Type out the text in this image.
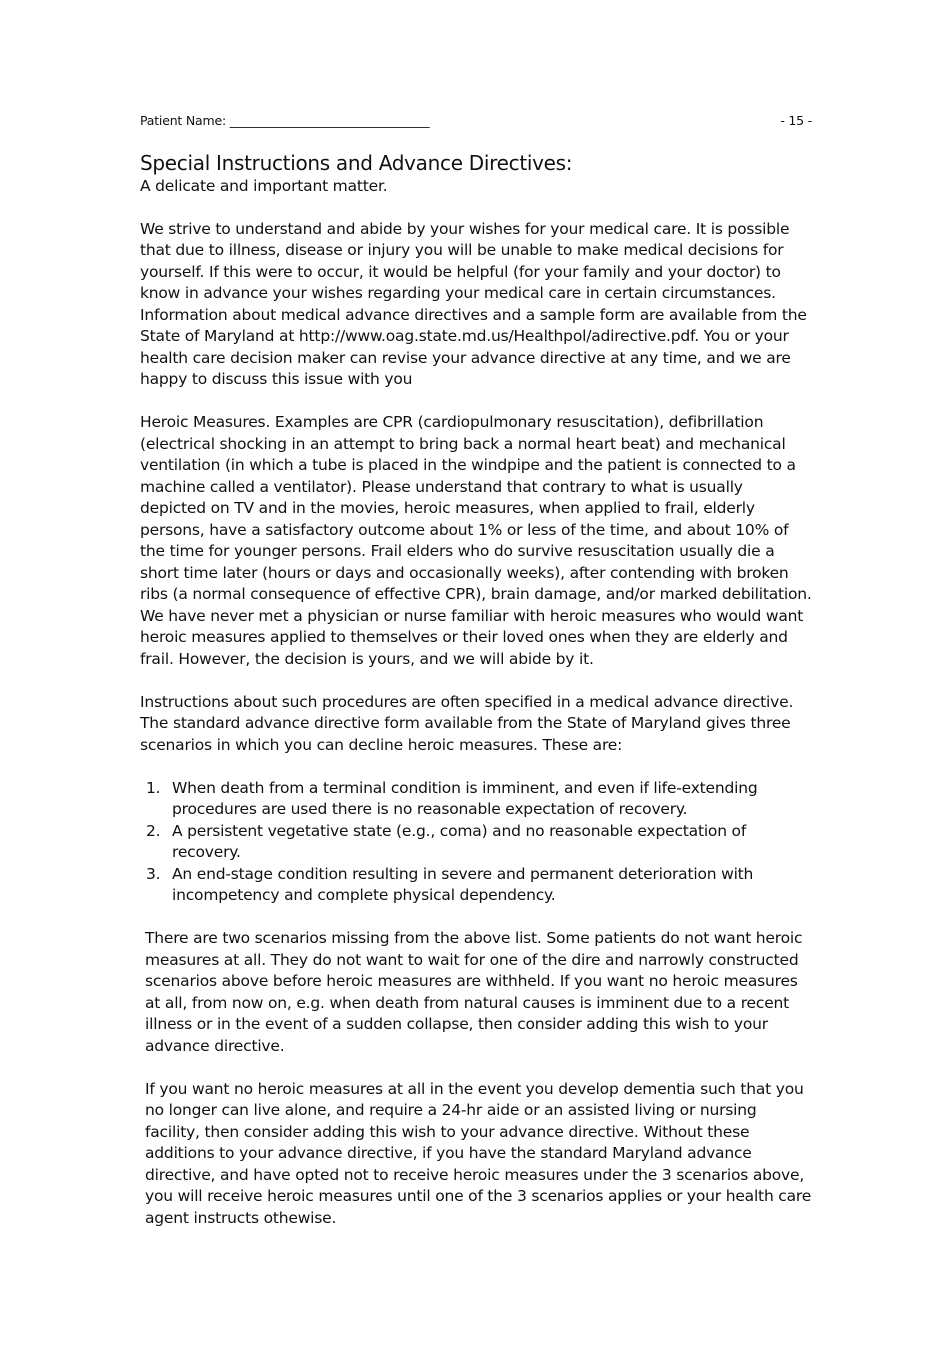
Patient Name: _________________________________	- 15 -
Special Instructions and Advance Directives:
A delicate and important matter.

We strive to understand and abide by your wishes for your medical care. It is possible that due to illness, disease or injury you will be unable to make medical decisions for yourself. If this were to occur, it would be helpful (for your family and your doctor) to know in advance your wishes regarding your medical care in certain circumstances. Information about medical advance directives and a sample form are available from the State of Maryland at http://www.oag.state.md.us/Healthpol/adirective.pdf. You or your health care decision maker can revise your advance directive at any time, and we are happy to discuss this issue with you

Heroic Measures. Examples are CPR (cardiopulmonary resuscitation), defibrillation (electrical shocking in an attempt to bring back a normal heart beat) and mechanical ventilation (in which a tube is placed in the windpipe and the patient is connected to a machine called a ventilator). Please understand that contrary to what is usually depicted on TV and in the movies, heroic measures, when applied to frail, elderly persons, have a satisfactory outcome about 1% or less of the time, and about 10% of the time for younger persons. Frail elders who do survive resuscitation usually die a short time later (hours or days and occasionally weeks), after contending with broken ribs (a normal consequence of effective CPR), brain damage, and/or marked debilitation. We have never met a physician or nurse familiar with heroic measures who would want heroic measures applied to themselves or their loved ones when they are elderly and frail. However, the decision is yours, and we will abide by it.

Instructions about such procedures are often specified in a medical advance directive. The standard advance directive form available from the State of Maryland gives three scenarios in which you can decline heroic measures. These are:

1. When death from a terminal condition is imminent, and even if life-extending procedures are used there is no reasonable expectation of recovery.
2. A persistent vegetative state (e.g., coma) and no reasonable expectation of recovery.
3. An end-stage condition resulting in severe and permanent deterioration with incompetency and complete physical dependency.

There are two scenarios missing from the above list. Some patients do not want heroic measures at all. They do not want to wait for one of the dire and narrowly constructed scenarios above before heroic measures are withheld. If you want no heroic measures at all, from now on, e.g. when death from natural causes is imminent due to a recent illness or in the event of a sudden collapse, then consider adding this wish to your advance directive.

If you want no heroic measures at all in the event you develop dementia such that you no longer can live alone, and require a 24-hr aide or an assisted living or nursing facility, then consider adding this wish to your advance directive. Without these additions to your advance directive, if you have the standard Maryland advance directive, and have opted not to receive heroic measures under the 3 scenarios above, you will receive heroic measures until one of the 3 scenarios applies or your health care agent instructs othewise.
